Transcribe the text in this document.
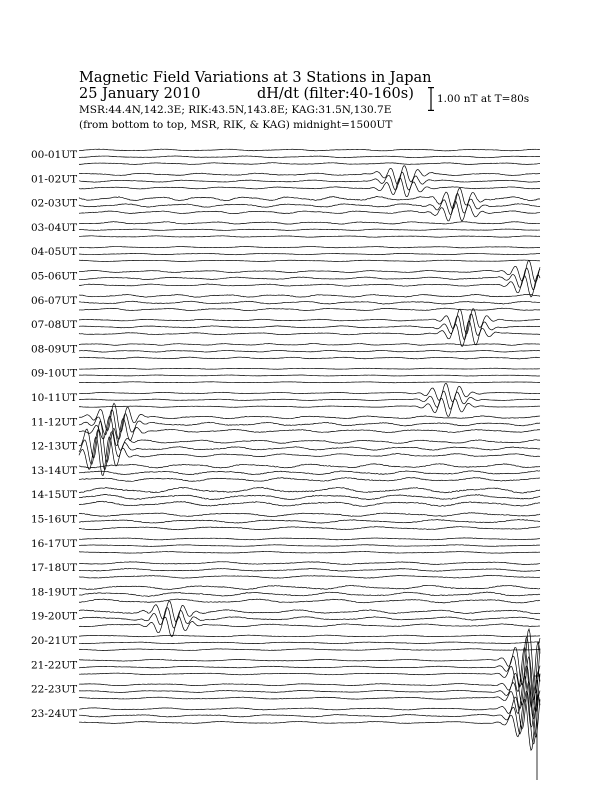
Magnetic Field Variations at 3 Stations in Japan
25 January 2010	dH/dt (filter:40-160s)
MSR:44.4N,142.3E; RIK:43.5N,143.8E; KAG:31.5N,130.7E
(from bottom to top, MSR, RIK, & KAG) midnight=1500UT
1.00 nT at T=80s
00-01UT
01-02UT
02-03UT
03-04UT
04-05UT
05-06UT
06-07UT
07-08UT
08-09UT
09-10UT
10-11UT
11-12UT
12-13UT
13-14UT
14-15UT
15-16UT
16-17UT
17-18UT
18-19UT
19-20UT
20-21UT
21-22UT
22-23UT
23-24UT
